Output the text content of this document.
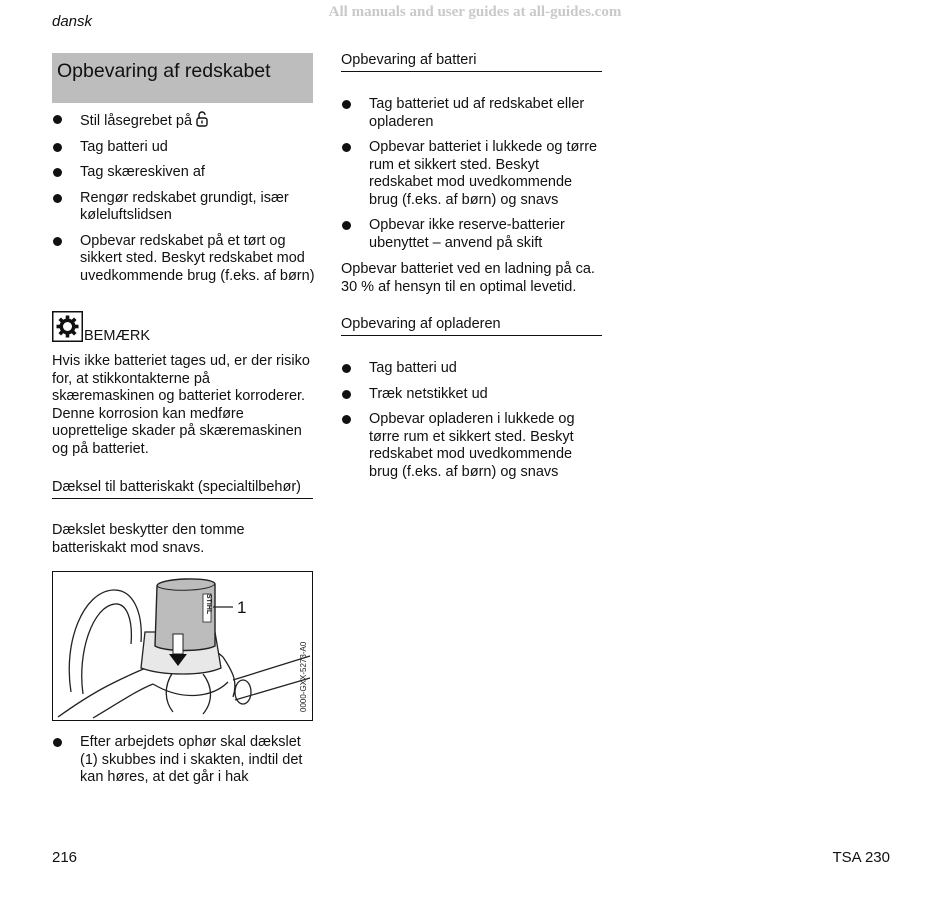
dansk
All manuals and user guides at all-guides.com
Opbevaring af redskabet
Stil låsegrebet på
Tag batteri ud
Tag skæreskiven af
Rengør redskabet grundigt, især køleluftslidsen
Opbevar redskabet på et tørt og sikkert sted. Beskyt redskabet mod uvedkommende brug (f.eks. af børn)
BEMÆRK
Hvis ikke batteriet tages ud, er der risiko for, at stikkontakterne på skæremaskinen og batteriet korroderer. Denne korrosion kan medføre uoprettelige skader på skæremaskinen og på batteriet.
Dæksel til batteriskakt (specialtilbehør)
Dækslet beskytter den tomme batteriskakt mod snavs.
STIHL 1
0000-GXX-5273-A0
Efter arbejdets ophør skal dækslet (1) skubbes ind i skakten, indtil det kan høres, at det går i hak
Opbevaring af batteri
Tag batteriet ud af redskabet eller opladeren
Opbevar batteriet i lukkede og tørre rum et sikkert sted. Beskyt redskabet mod uvedkommende brug (f.eks. af børn) og snavs
Opbevar ikke reserve-batterier ubenyttet – anvend på skift
Opbevar batteriet ved en ladning på ca. 30 % af hensyn til en optimal levetid.
Opbevaring af opladeren
Tag batteri ud
Træk netstikket ud
Opbevar opladeren i lukkede og tørre rum et sikkert sted. Beskyt redskabet mod uvedkommende brug (f.eks. af børn) og snavs
216	TSA 230
